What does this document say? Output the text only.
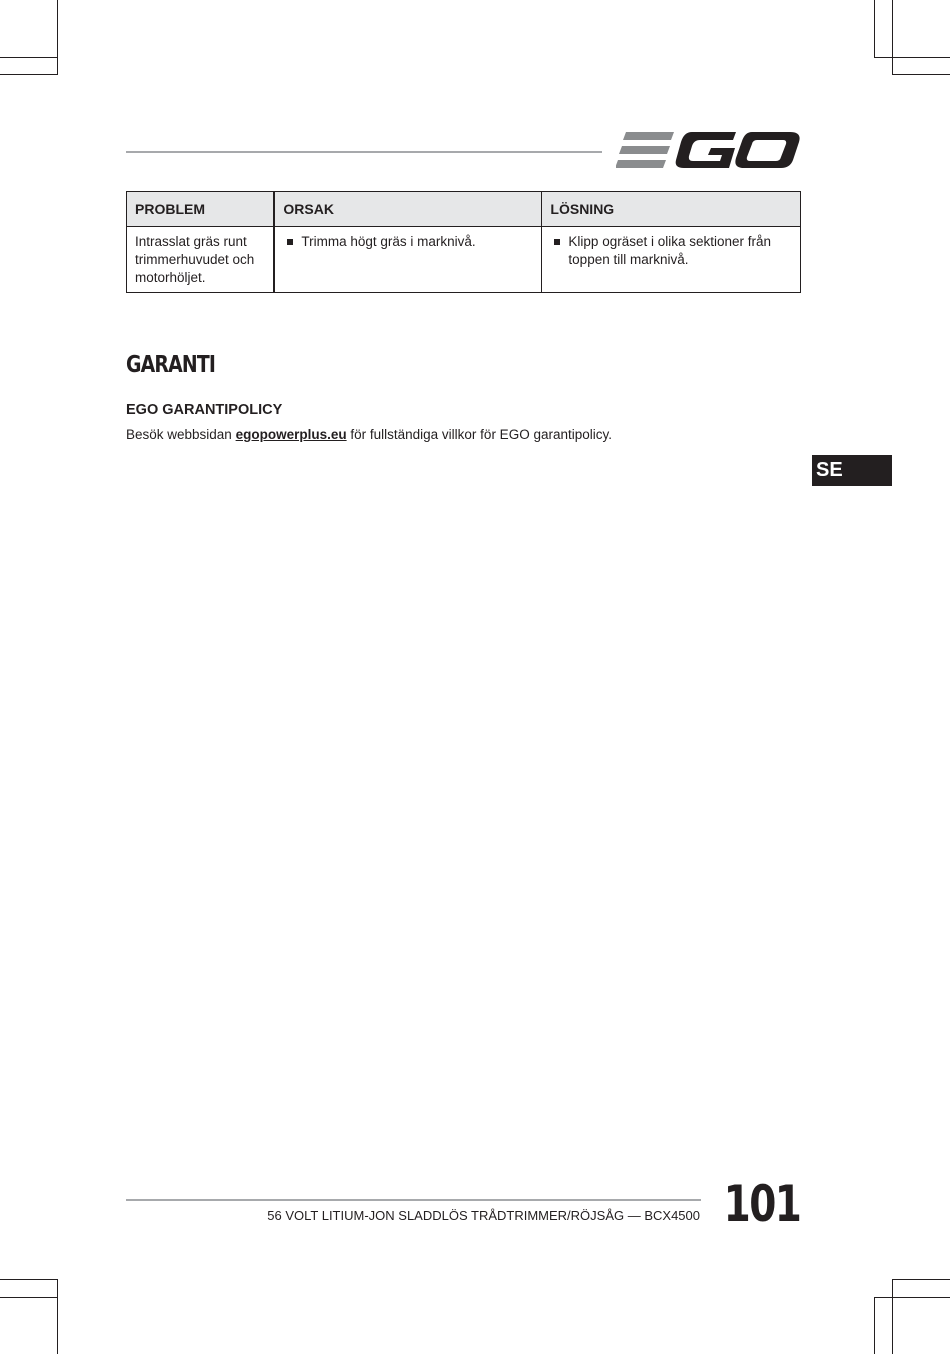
PROBLEM	ORSAK	LÖSNING
Intrasslat gräs runt trimmerhuvudet och motorhöljet.	Trimma högt gräs i marknivå.	Klipp ogräset i olika sektioner från toppen till marknivå.
GARANTI
EGO GARANTIPOLICY

Besök webbsidan egopowerplus.eu för fullständiga villkor för EGO garantipolicy.

SE
56 VOLT LITIUM-JON SLADDLÖS TRÅDTRIMMER/RÖJSÅG — BCX4500 101
